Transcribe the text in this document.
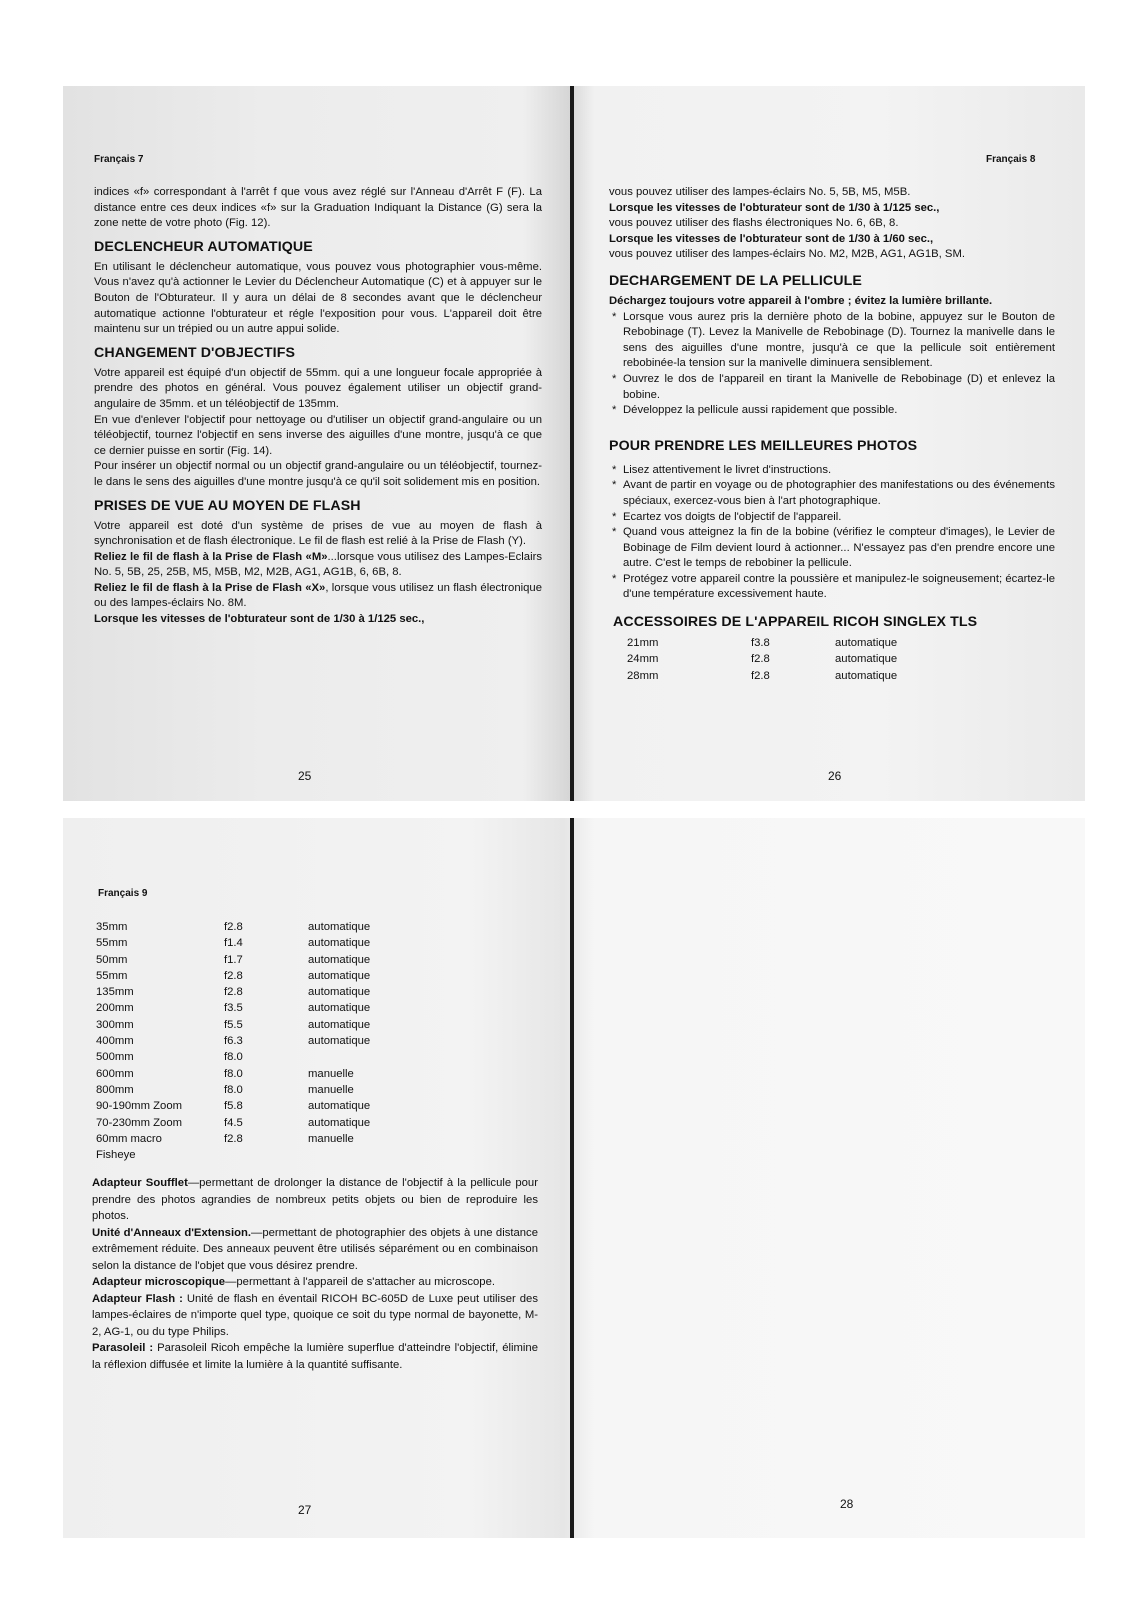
Français 7

indices «f» correspondant à l'arrêt f que vous avez réglé sur l'Anneau d'Arrêt F (F). La distance entre ces deux indices «f» sur la Graduation Indiquant la Distance (G) sera la zone nette de votre photo (Fig. 12).

DECLENCHEUR AUTOMATIQUE

En utilisant le déclencheur automatique, vous pouvez vous photographier vous-même. Vous n'avez qu'à actionner le Levier du Déclencheur Automatique (C) et à appuyer sur le Bouton de l'Obturateur. Il y aura un délai de 8 secondes avant que le déclencheur automatique actionne l'obturateur et régle l'exposition pour vous. L'appareil doit être maintenu sur un trépied ou un autre appui solide.

CHANGEMENT D'OBJECTIFS

Votre appareil est équipé d'un objectif de 55mm. qui a une longueur focale appropriée à prendre des photos en général. Vous pouvez également utiliser un objectif grand-angulaire de 35mm. et un téléobjectif de 135mm.

En vue d'enlever l'objectif pour nettoyage ou d'utiliser un objectif grand-angulaire ou un téléobjectif, tournez l'objectif en sens inverse des aiguilles d'une montre, jusqu'à ce que ce dernier puisse en sortir (Fig. 14).

Pour insérer un objectif normal ou un objectif grand-angulaire ou un téléobjectif, tournez-le dans le sens des aiguilles d'une montre jusqu'à ce qu'il soit solidement mis en position.

PRISES DE VUE AU MOYEN DE FLASH

Votre appareil est doté d'un système de prises de vue au moyen de flash à synchronisation et de flash électronique. Le fil de flash est relié à la Prise de Flash (Y).

Reliez le fil de flash à la Prise de Flash «M»...lorsque vous utilisez des Lampes-Eclairs No. 5, 5B, 25, 25B, M5, M5B, M2, M2B, AG1, AG1B, 6, 6B, 8.

Reliez le fil de flash à la Prise de Flash «X», lorsque vous utilisez un flash électronique ou des lampes-éclairs No. 8M.

Lorsque les vitesses de l'obturateur sont de 1/30 à 1/125 sec.,

25
Français 8

vous pouvez utiliser des lampes-éclairs No. 5, 5B, M5, M5B.

Lorsque les vitesses de l'obturateur sont de 1/30 à 1/125 sec.,

vous pouvez utiliser des flashs électroniques No. 6, 6B, 8.

Lorsque les vitesses de l'obturateur sont de 1/30 à 1/60 sec.,

vous pouvez utiliser des lampes-éclairs No. M2, M2B, AG1, AG1B, SM.

DECHARGEMENT DE LA PELLICULE

Déchargez toujours votre appareil à l'ombre ; évitez la lumière brillante.

* Lorsque vous aurez pris la dernière photo de la bobine, appuyez sur le Bouton de Rebobinage (T). Levez la Manivelle de Rebobinage (D). Tournez la manivelle dans le sens des aiguilles d'une montre, jusqu'à ce que la pellicule soit entièrement rebobinée-la tension sur la manivelle diminuera sensiblement.
* Ouvrez le dos de l'appareil en tirant la Manivelle de Rebobinage (D) et enlevez la bobine.
* Développez la pellicule aussi rapidement que possible.
POUR PRENDRE LES MEILLEURES PHOTOS
* Lisez attentivement le livret d'instructions.
* Avant de partir en voyage ou de photographier des manifestations ou des événements spéciaux, exercez-vous bien à l'art photographique.
* Ecartez vos doigts de l'objectif de l'appareil.
* Quand vous atteignez la fin de la bobine (vérifiez le compteur d'images), le Levier de Bobinage de Film devient lourd à actionner... N'essayez pas d'en prendre encore une autre. C'est le temps de rebobiner la pellicule.
* Protégez votre appareil contre la poussière et manipulez-le soigneusement; écartez-le d'une température excessivement haute.
ACCESSOIRES DE L'APPAREIL RICOH SINGLEX TLS
21mm	f3.8	automatique
24mm	f2.8	automatique
28mm	f2.8	automatique
26
Français 9
35mm	f2.8	automatique
55mm	f1.4	automatique
50mm	f1.7	automatique
55mm	f2.8	automatique
135mm	f2.8	automatique
200mm	f3.5	automatique
300mm	f5.5	automatique
400mm	f6.3	automatique
500mm	f8.0
600mm	f8.0	manuelle
800mm	f8.0	manuelle
90-190mm Zoom	f5.8	automatique
70-230mm Zoom	f4.5	automatique
60mm macro	f2.8	manuelle
Fisheye

Adapteur Soufflet—permettant de drolonger la distance de l'objectif à la pellicule pour prendre des photos agrandies de nombreux petits objets ou bien de reproduire les photos.

Unité d'Anneaux d'Extension.—permettant de photographier des objets à une distance extrêmement réduite. Des anneaux peuvent être utilisés séparément ou en combinaison selon la distance de l'objet que vous désirez prendre.

Adapteur microscopique—permettant à l'appareil de s'attacher au microscope.

Adapteur Flash : Unité de flash en éventail RICOH BC-605D de Luxe peut utiliser des lampes-éclaires de n'importe quel type, quoique ce soit du type normal de bayonette, M-2, AG-1, ou du type Philips.

Parasoleil : Parasoleil Ricoh empêche la lumière superflue d'atteindre l'objectif, élimine la réflexion diffusée et limite la lumière à la quantité suffisante.

27	28
